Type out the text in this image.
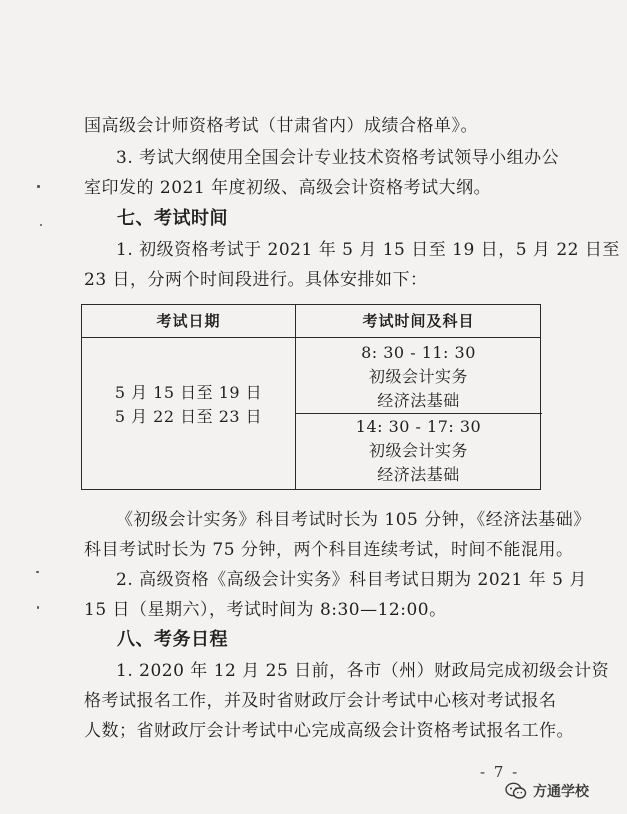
国高级会计师资格考试（甘肃省内）成绩合格单》。
3. 考试大纲使用全国会计专业技术资格考试领导小组办公
室印发的 2021 年度初级、高级会计资格考试大纲。
七、考试时间
1. 初级资格考试于 2021 年 5 月 15 日至 19 日，5 月 22 日至
23 日，分两个时间段进行。具体安排如下：
考试日期	考试时间及科目
5 月 15 日至 19 日
5 月 22 日至 23 日
8: 30 - 11: 30
初级会计实务
经济法基础
14: 30 - 17: 30
初级会计实务
经济法基础
《初级会计实务》科目考试时长为 105 分钟，《经济法基础》
科目考试时长为 75 分钟，两个科目连续考试，时间不能混用。
2. 高级资格《高级会计实务》科目考试日期为 2021 年 5 月
15 日（星期六），考试时间为 8:30—12:00。
八、考务日程
1. 2020 年 12 月 25 日前，各市（州）财政局完成初级会计资
格考试报名工作，并及时省财政厅会计考试中心核对考试报名
人数；省财政厅会计考试中心完成高级会计资格考试报名工作。
- 7 -
方通学校
